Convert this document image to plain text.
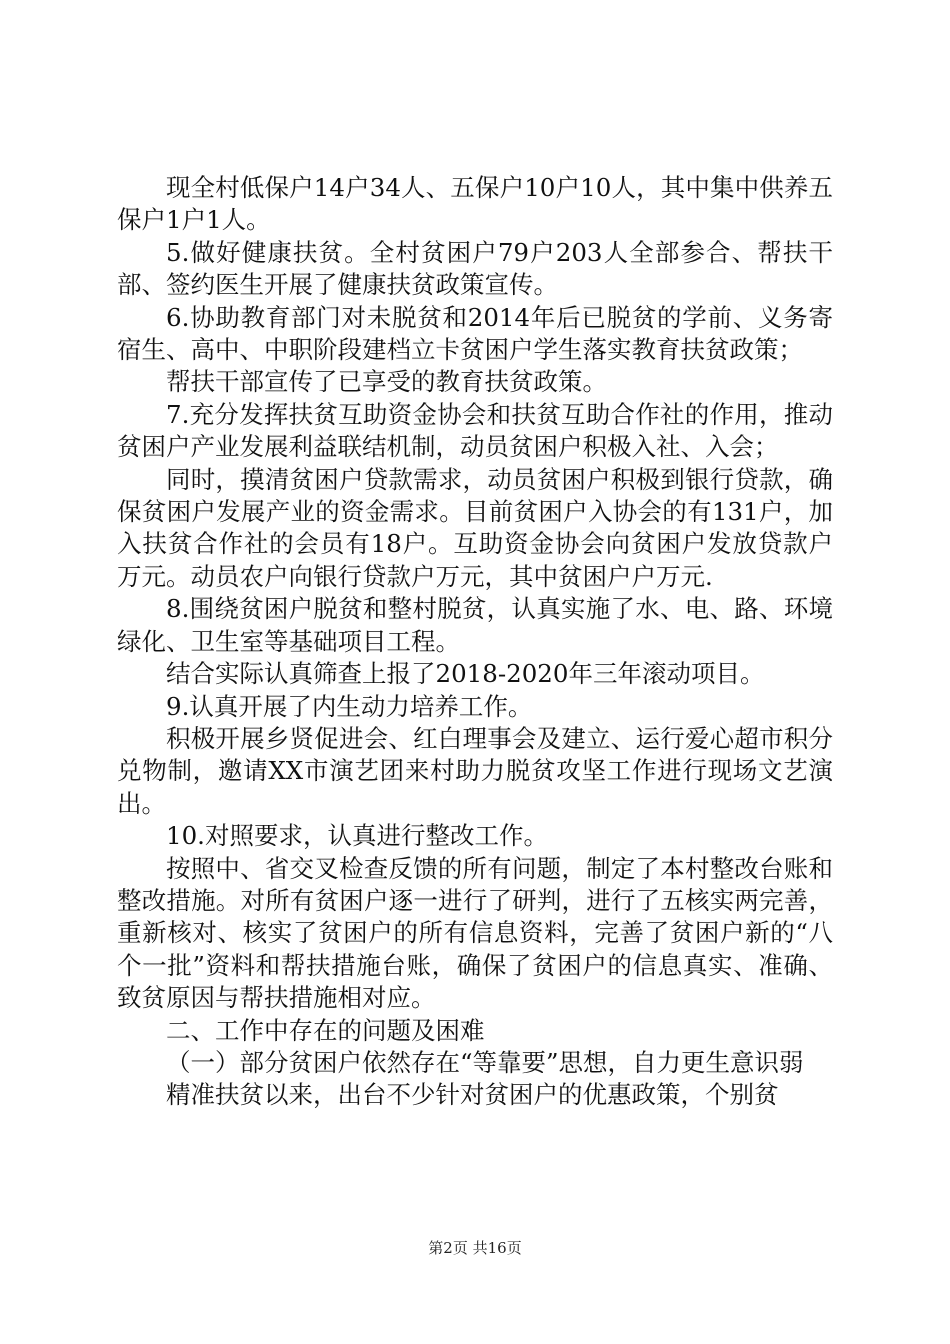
现全村低保户14户34人、五保户10户10人，其中集中供养五保户1户1人。

5.做好健康扶贫。全村贫困户79户203人全部参合、帮扶干部、签约医生开展了健康扶贫政策宣传。

6.协助教育部门对未脱贫和2014年后已脱贫的学前、义务寄宿生、高中、中职阶段建档立卡贫困户学生落实教育扶贫政策；

帮扶干部宣传了已享受的教育扶贫政策。

7.充分发挥扶贫互助资金协会和扶贫互助合作社的作用，推动贫困户产业发展利益联结机制，动员贫困户积极入社、入会；

同时，摸清贫困户贷款需求，动员贫困户积极到银行贷款，确保贫困户发展产业的资金需求。目前贫困户入协会的有131户，加入扶贫合作社的会员有18户。互助资金协会向贫困户发放贷款户万元。动员农户向银行贷款户万元，其中贫困户户万元.

8.围绕贫困户脱贫和整村脱贫，认真实施了水、电、路、环境绿化、卫生室等基础项目工程。

结合实际认真筛查上报了2018-2020年三年滚动项目。

9.认真开展了内生动力培养工作。

积极开展乡贤促进会、红白理事会及建立、运行爱心超市积分兑物制，邀请XX市演艺团来村助力脱贫攻坚工作进行现场文艺演出。

10.对照要求，认真进行整改工作。

按照中、省交叉检查反馈的所有问题，制定了本村整改台账和整改措施。对所有贫困户逐一进行了研判，进行了五核实两完善，重新核对、核实了贫困户的所有信息资料，完善了贫困户新的“八个一批”资料和帮扶措施台账，确保了贫困户的信息真实、准确、致贫原因与帮扶措施相对应。

二、工作中存在的问题及困难

（一）部分贫困户依然存在“等靠要”思想，自力更生意识弱

精准扶贫以来，出台不少针对贫困户的优惠政策，个别贫

第2页 共16页
